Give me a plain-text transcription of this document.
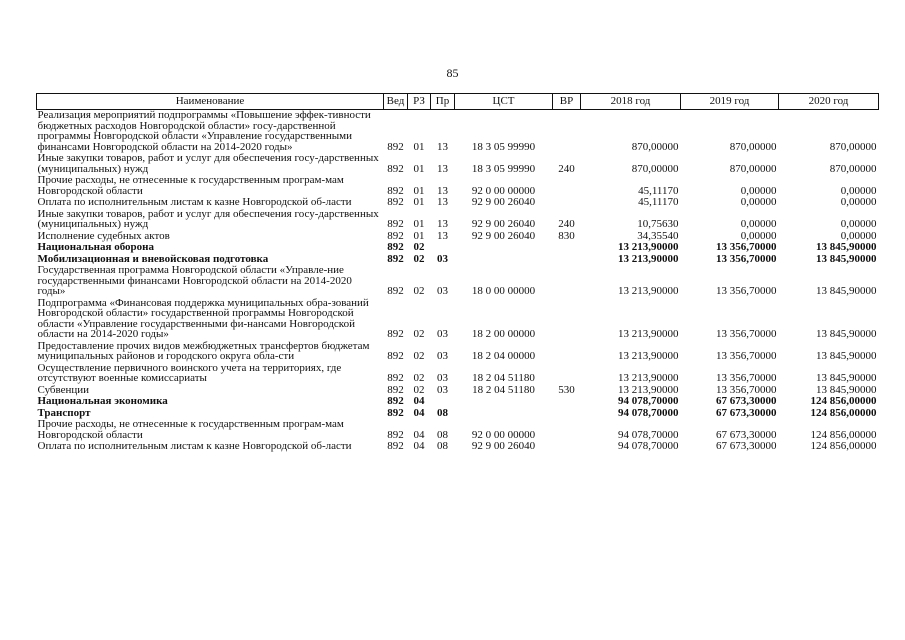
85
Наименование	Вед	РЗ	Пр	ЦСТ	ВР	2018 год	2019 год	2020 год
Реализация мероприятий подпрограммы «Повышение эффек-тивности бюджетных расходов Новгородской области» госу-дарственной программы Новгородской области «Управление государственными финансами Новгородской области на 2014-2020 годы»	892	01	13	18 3 05 99990		870,00000	870,00000	870,00000
Иные закупки товаров, работ и услуг для обеспечения госу-дарственных (муниципальных) нужд	892	01	13	18 3 05 99990	240	870,00000	870,00000	870,00000
Прочие расходы, не отнесенные к государственным програм-мам Новгородской области	892	01	13	92 0 00 00000		45,11170	0,00000	0,00000
Оплата по исполнительным листам к казне Новгородской об-ласти	892	01	13	92 9 00 26040		45,11170	0,00000	0,00000
Иные закупки товаров, работ и услуг для обеспечения госу-дарственных (муниципальных) нужд	892	01	13	92 9 00 26040	240	10,75630	0,00000	0,00000
Исполнение судебных актов	892	01	13	92 9 00 26040	830	34,35540	0,00000	0,00000
Национальная оборона	892	02				13 213,90000	13 356,70000	13 845,90000
Мобилизационная и вневойсковая подготовка	892	02	03			13 213,90000	13 356,70000	13 845,90000
Государственная программа Новгородской области «Управле-ние государственными финансами Новгородской области на 2014-2020 годы»	892	02	03	18 0 00 00000		13 213,90000	13 356,70000	13 845,90000
Подпрограмма «Финансовая поддержка муниципальных обра-зований Новгородской области» государственной программы Новгородской области «Управление государственными фи-нансами Новгородской области на 2014-2020 годы»	892	02	03	18 2 00 00000		13 213,90000	13 356,70000	13 845,90000
Предоставление прочих видов межбюджетных трансфертов бюджетам муниципальных районов и городского округа обла-сти	892	02	03	18 2 04 00000		13 213,90000	13 356,70000	13 845,90000
Осуществление первичного воинского учета на территориях, где отсутствуют военные комиссариаты	892	02	03	18 2 04 51180		13 213,90000	13 356,70000	13 845,90000
Субвенции	892	02	03	18 2 04 51180	530	13 213,90000	13 356,70000	13 845,90000
Национальная экономика	892	04				94 078,70000	67 673,30000	124 856,00000
Транспорт	892	04	08			94 078,70000	67 673,30000	124 856,00000
Прочие расходы, не отнесенные к государственным програм-мам Новгородской области	892	04	08	92 0 00 00000		94 078,70000	67 673,30000	124 856,00000
Оплата по исполнительным листам к казне Новгородской об-ласти	892	04	08	92 9 00 26040		94 078,70000	67 673,30000	124 856,00000
